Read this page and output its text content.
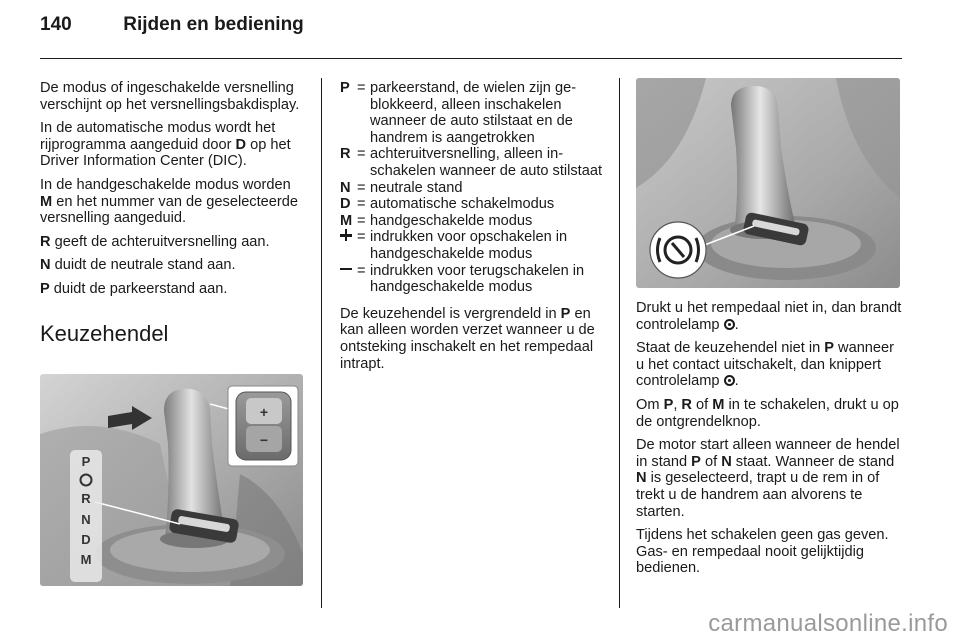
140	Rijden en bediening

De modus of ingeschakelde versnelling verschijnt op het versnellingsbakdisplay.

In de automatische modus wordt het rijprogramma aangeduid door D op het Driver Information Center (DIC).

In de handgeschakelde modus worden M en het nummer van de geselecteerde versnelling aangeduid.

R geeft de achteruitversnelling aan.

N duidt de neutrale stand aan.

P duidt de parkeerstand aan.

Keuzehendel

+
−
P
R
N
D
M
P = parkeerstand, de wielen zijn geblokkeerd, alleen inschakelen wanneer de auto stilstaat en de handrem is aangetrokken
R = achteruitversnelling, alleen inschakelen wanneer de auto stilstaat
N = neutrale stand
D = automatische schakelmodus
M = handgeschakelde modus
= indrukken voor opschakelen in handgeschakelde modus
= indrukken voor terugschakelen in handgeschakelde modus

De keuzehendel is vergrendeld in P en kan alleen worden verzet wanneer u de ontsteking inschakelt en het rempedaal intrapt.

Drukt u het rempedaal niet in, dan brandt controlelamp .

Staat de keuzehendel niet in P wanneer u het contact uitschakelt, dan knippert controlelamp .

Om P, R of M in te schakelen, drukt u op de ontgrendelknop.

De motor start alleen wanneer de hendel in stand P of N staat. Wanneer de stand N is geselecteerd, trapt u de rem in of trekt u de handrem aan alvorens te starten.

Tijdens het schakelen geen gas geven. Gas- en rempedaal nooit gelijktijdig bedienen.

carmanualsonline.info
